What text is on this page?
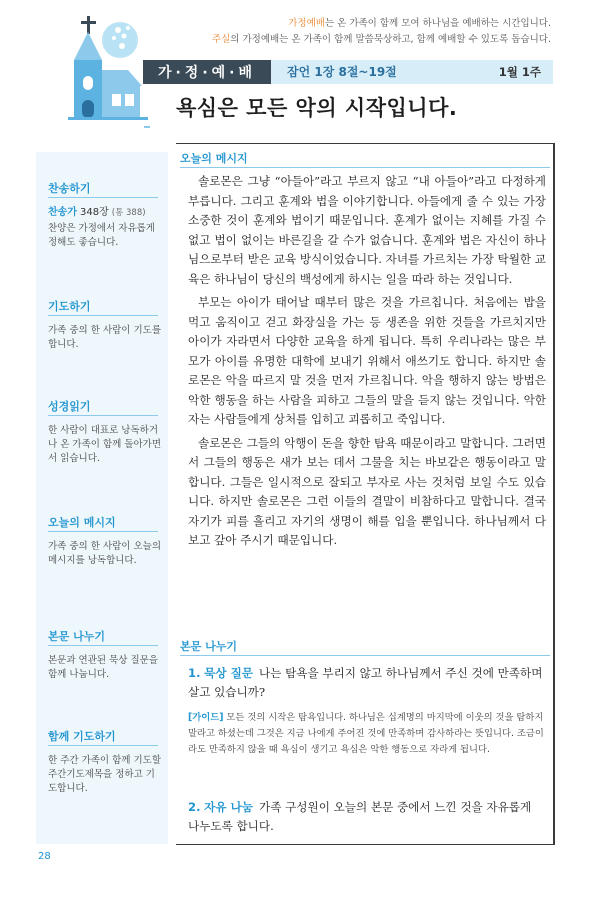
가정예배는 온 가족이 함께 모여 하나님을 예배하는 시간입니다.
주실의 가정예배는 온 가족이 함께 말씀묵상하고, 함께 예배할 수 있도록 돕습니다.
가·정·예·배	잠언 1장 8절~19절	1월 1주
욕심은 모든 악의 시작입니다.
찬송하기
찬송가 348장 (통 388)
찬양은 가정에서 자유롭게 정해도 좋습니다.
기도하기
가족 중의 한 사람이 기도를 합니다.
성경읽기
한 사람이 대표로 낭독하거나 온 가족이 함께 돌아가면서 읽습니다.
오늘의 메시지
가족 중의 한 사람이 오늘의 메시지를 낭독합니다.
본문 나누기
본문과 연관된 묵상 질문을 함께 나눕니다.
함께 기도하기
한 주간 가족이 함께 기도할 주간기도제목을 정하고 기도합니다.
오늘의 메시지

솔로몬은 그냥 “아들아”라고 부르지 않고 “내 아들아”라고 다정하게 부릅니다. 그리고 훈계와 법을 이야기합니다. 아들에게 줄 수 있는 가장 소중한 것이 훈계와 법이기 때문입니다. 훈계가 없이는 지혜를 가질 수 없고 법이 없이는 바른길을 갈 수가 없습니다. 훈계와 법은 자신이 하나님으로부터 받은 교육 방식이었습니다. 자녀를 가르치는 가장 탁월한 교육은 하나님이 당신의 백성에게 하시는 일을 따라 하는 것입니다.

부모는 아이가 태어날 때부터 많은 것을 가르칩니다. 처음에는 밥을 먹고 움직이고 걷고 화장실을 가는 등 생존을 위한 것들을 가르치지만 아이가 자라면서 다양한 교육을 하게 됩니다. 특히 우리나라는 많은 부모가 아이를 유명한 대학에 보내기 위해서 애쓰기도 합니다. 하지만 솔로몬은 악을 따르지 말 것을 먼저 가르칩니다. 악을 행하지 않는 방법은 악한 행동을 하는 사람을 피하고 그들의 말을 듣지 않는 것입니다. 악한 자는 사람들에게 상처를 입히고 괴롭히고 죽입니다.

솔로몬은 그들의 악행이 돈을 향한 탐욕 때문이라고 말합니다. 그러면서 그들의 행동은 새가 보는 데서 그물을 치는 바보같은 행동이라고 말합니다. 그들은 일시적으로 잘되고 부자로 사는 것처럼 보일 수도 있습니다. 하지만 솔로몬은 그런 이들의 결말이 비참하다고 말합니다. 결국 자기가 피를 흘리고 자기의 생명이 해를 입을 뿐입니다. 하나님께서 다 보고 갚아 주시기 때문입니다.

본문 나누기
1. 묵상 질문 나는 탐욕을 부리지 않고 하나님께서 주신 것에 만족하며 살고 있습니까?
[가이드] 모든 것의 시작은 탐욕입니다. 하나님은 십계명의 마지막에 이웃의 것을 탐하지 말라고 하셨는데 그것은 지금 나에게 주어진 것에 만족하며 감사하라는 뜻입니다. 조금이라도 만족하지 않을 때 욕심이 생기고 욕심은 악한 행동으로 자라게 됩니다.
2. 자유 나눔 가족 구성원이 오늘의 본문 중에서 느낀 것을 자유롭게 나누도록 합니다.
28
